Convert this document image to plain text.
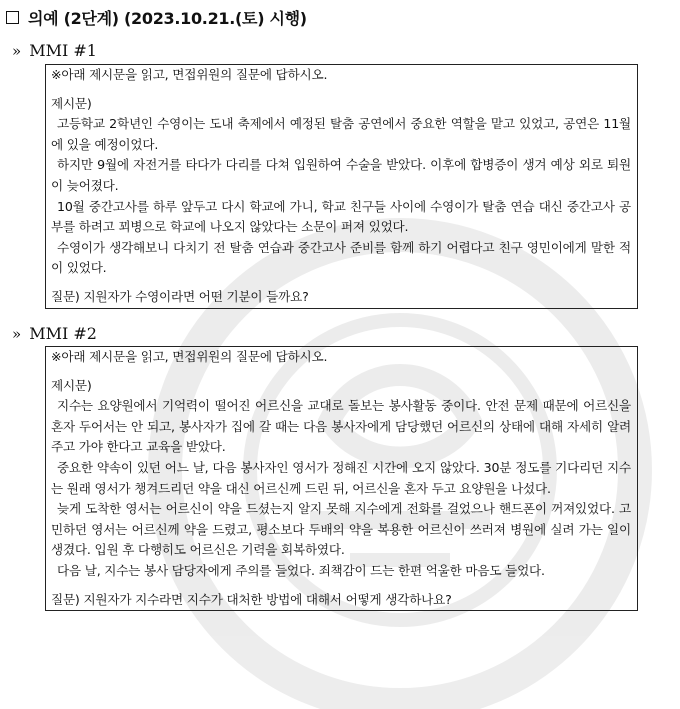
의예 (2단계) (2023.10.21.(토) 시행)
» MMI #1

※아래 제시문을 읽고, 면접위원의 질문에 답하시오.

제시문)

고등학교 2학년인 수영이는 도내 축제에서 예정된 탈춤 공연에서 중요한 역할을 맡고 있었고, 공연은 11월에 있을 예정이었다.

하지만 9월에 자전거를 타다가 다리를 다쳐 입원하여 수술을 받았다. 이후에 합병증이 생겨 예상 외로 퇴원이 늦어졌다.

10월 중간고사를 하루 앞두고 다시 학교에 가니, 학교 친구들 사이에 수영이가 탈춤 연습 대신 중간고사 공부를 하려고 꾀병으로 학교에 나오지 않았다는 소문이 퍼져 있었다.

수영이가 생각해보니 다치기 전 탈춤 연습과 중간고사 준비를 함께 하기 어렵다고 친구 영민이에게 말한 적이 있었다.

질문) 지원자가 수영이라면 어떤 기분이 들까요?

» MMI #2

※아래 제시문을 읽고, 면접위원의 질문에 답하시오.

제시문)

지수는 요양원에서 기억력이 떨어진 어르신을 교대로 돌보는 봉사활동 중이다. 안전 문제 때문에 어르신을 혼자 두어서는 안 되고, 봉사자가 집에 갈 때는 다음 봉사자에게 담당했던 어르신의 상태에 대해 자세히 알려주고 가야 한다고 교육을 받았다.

중요한 약속이 있던 어느 날, 다음 봉사자인 영서가 정해진 시간에 오지 않았다. 30분 정도를 기다리던 지수는 원래 영서가 챙겨드리던 약을 대신 어르신께 드린 뒤, 어르신을 혼자 두고 요양원을 나섰다.

늦게 도착한 영서는 어르신이 약을 드셨는지 알지 못해 지수에게 전화를 걸었으나 핸드폰이 꺼져있었다. 고민하던 영서는 어르신께 약을 드렸고, 평소보다 두배의 약을 복용한 어르신이 쓰러져 병원에 실려 가는 일이 생겼다. 입원 후 다행히도 어르신은 기력을 회복하였다.

다음 날, 지수는 봉사 담당자에게 주의를 들었다. 죄책감이 드는 한편 억울한 마음도 들었다.

질문) 지원자가 지수라면 지수가 대처한 방법에 대해서 어떻게 생각하나요?
